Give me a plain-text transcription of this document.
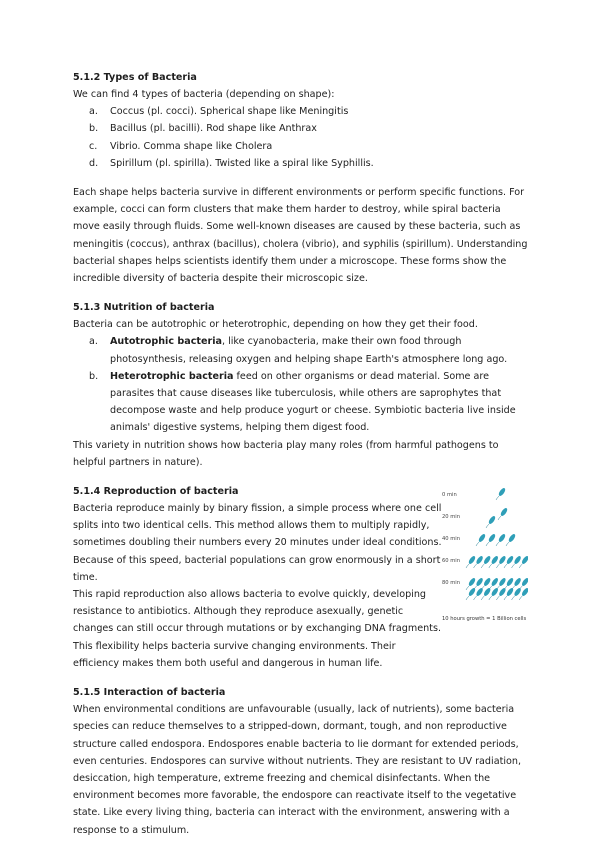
5.1.2 Types of Bacteria

We can find 4 types of bacteria (depending on shape):

a. Coccus (pl. cocci). Spherical shape like Meningitis
b. Bacillus (pl. bacilli). Rod shape like Anthrax
c. Vibrio. Comma shape like Cholera
d. Spirillum (pl. spirilla). Twisted like a spiral like Syphillis.

Each shape helps bacteria survive in different environments or perform specific functions. For example, cocci can form clusters that make them harder to destroy, while spiral bacteria move easily through fluids. Some well-known diseases are caused by these bacteria, such as meningitis (coccus), anthrax (bacillus), cholera (vibrio), and syphilis (spirillum). Understanding bacterial shapes helps scientists identify them under a microscope. These forms show the incredible diversity of bacteria despite their microscopic size.

5.1.3 Nutrition of bacteria

Bacteria can be autotrophic or heterotrophic, depending on how they get their food.

a. Autotrophic bacteria, like cyanobacteria, make their own food through photosynthesis, releasing oxygen and helping shape Earth's atmosphere long ago.
b. Heterotrophic bacteria feed on other organisms or dead material. Some are parasites that cause diseases like tuberculosis, while others are saprophytes that decompose waste and help produce yogurt or cheese. Symbiotic bacteria live inside animals' digestive systems, helping them digest food.

This variety in nutrition shows how bacteria play many roles (from harmful pathogens to helpful partners in nature).

5.1.4 Reproduction of bacteria

Bacteria reproduce mainly by binary fission, a simple process where one cell splits into two identical cells. This method allows them to multiply rapidly, sometimes doubling their numbers every 20 minutes under ideal conditions. Because of this speed, bacterial populations can grow enormously in a short time.

This rapid reproduction also allows bacteria to evolve quickly, developing resistance to antibiotics. Although they reproduce asexually, genetic changes can still occur through mutations or by exchanging DNA fragments. This flexibility helps bacteria survive changing environments. Their efficiency makes them both useful and dangerous in human life.

10 hours growth = 1 Billion cells
0 min
20 min
40 min
60 min
80 min
5.1.5 Interaction of bacteria

When environmental conditions are unfavourable (usually, lack of nutrients), some bacteria species can reduce themselves to a stripped-down, dormant, tough, and non reproductive structure called endospora. Endospores enable bacteria to lie dormant for extended periods, even centuries. Endospores can survive without nutrients. They are resistant to UV radiation, desiccation, high temperature, extreme freezing and chemical disinfectants. When the environment becomes more favorable, the endospore can reactivate itself to the vegetative state. Like every living thing, bacteria can interact with the environment, answering with a response to a stimulum.
